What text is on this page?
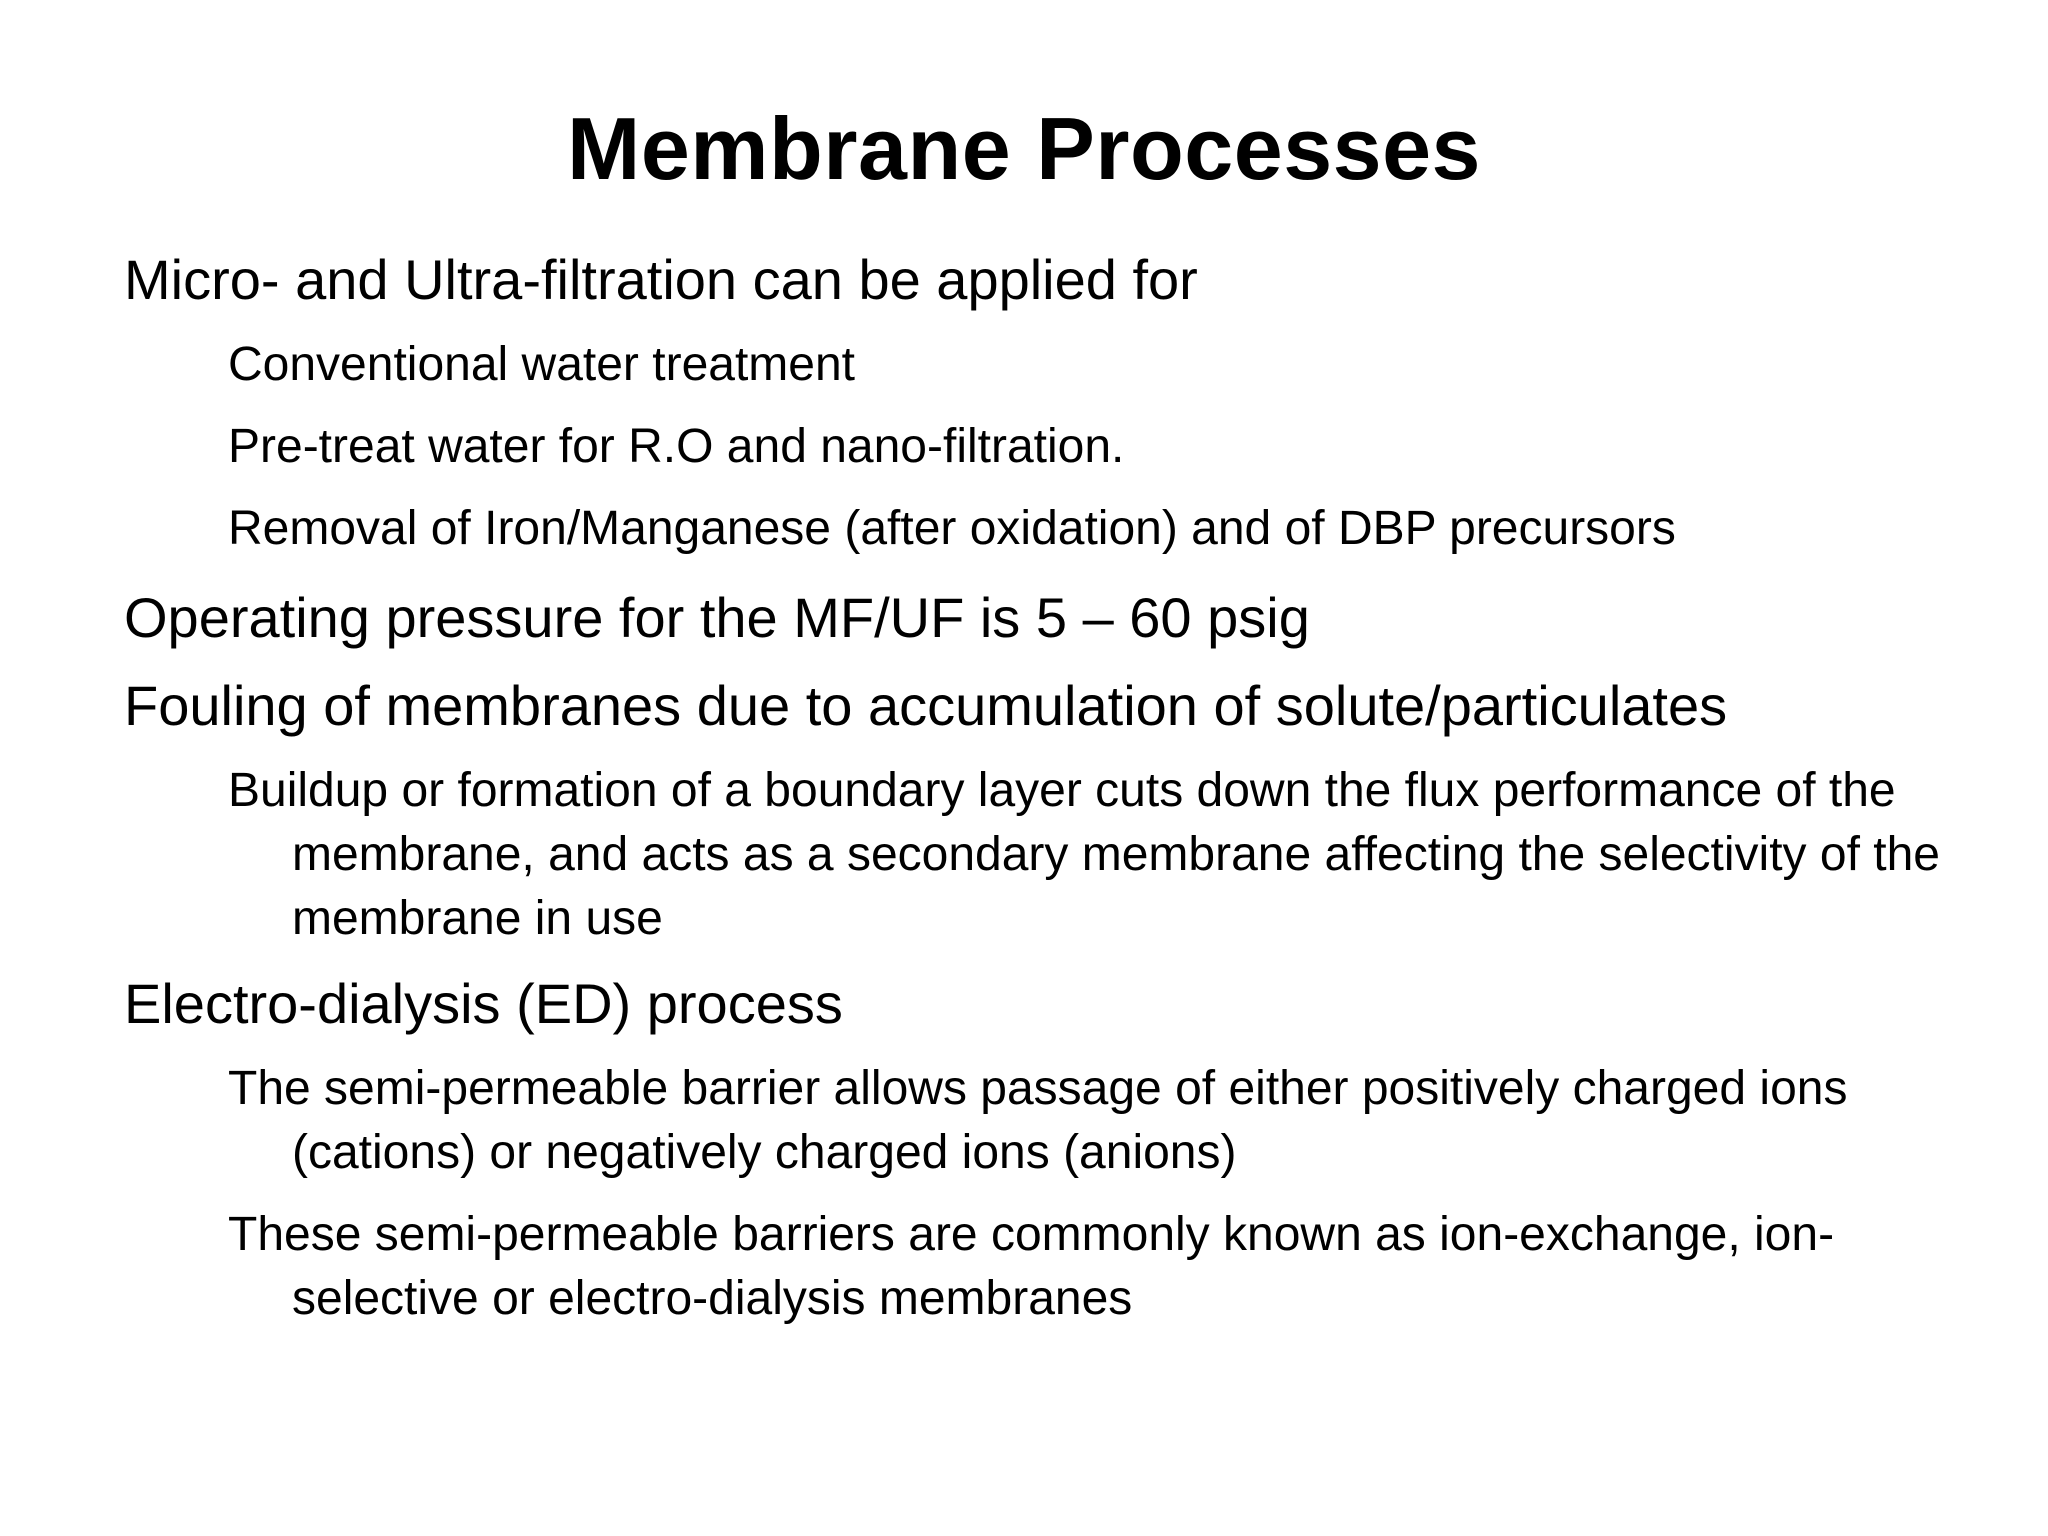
Membrane Processes

Micro- and Ultra-filtration can be applied for

Conventional water treatment

Pre-treat water for R.O and nano-filtration.

Removal of Iron/Manganese (after oxidation) and of DBP precursors

Operating pressure for the MF/UF is 5 – 60 psig

Fouling of membranes due to accumulation of solute/particulates

Buildup or formation of a boundary layer cuts down the flux performance of the membrane, and acts as a secondary membrane affecting the selectivity of the membrane in use

Electro-dialysis (ED) process

The semi-permeable barrier allows passage of either positively charged ions (cations) or negatively charged ions (anions)

These semi-permeable barriers are commonly known as ion-exchange, ion-selective or electro-dialysis membranes
